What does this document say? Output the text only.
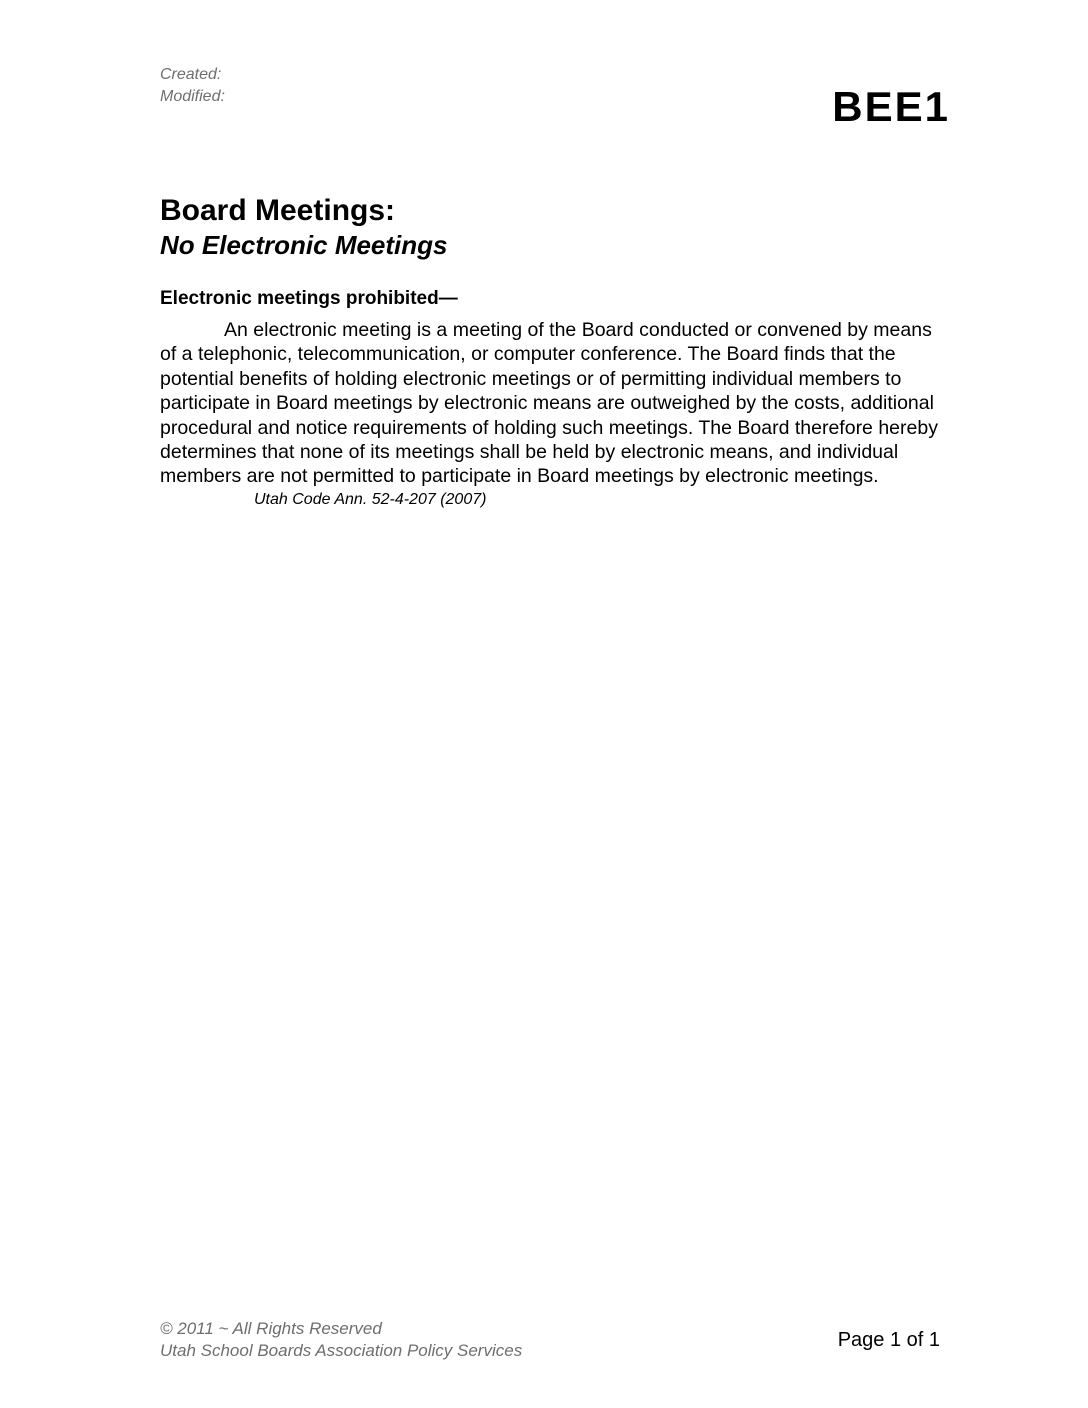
Created:
Modified:	BEE1
Board Meetings:
No Electronic Meetings
Electronic meetings prohibited—

An electronic meeting is a meeting of the Board conducted or convened by means of a telephonic, telecommunication, or computer conference. The Board finds that the potential benefits of holding electronic meetings or of permitting individual members to participate in Board meetings by electronic means are outweighed by the costs, additional procedural and notice requirements of holding such meetings. The Board therefore hereby determines that none of its meetings shall be held by electronic means, and individual members are not permitted to participate in Board meetings by electronic meetings.

Utah Code Ann. 52-4-207 (2007)
© 2011 ~ All Rights Reserved
Utah School Boards Association Policy Services	Page 1 of 1
